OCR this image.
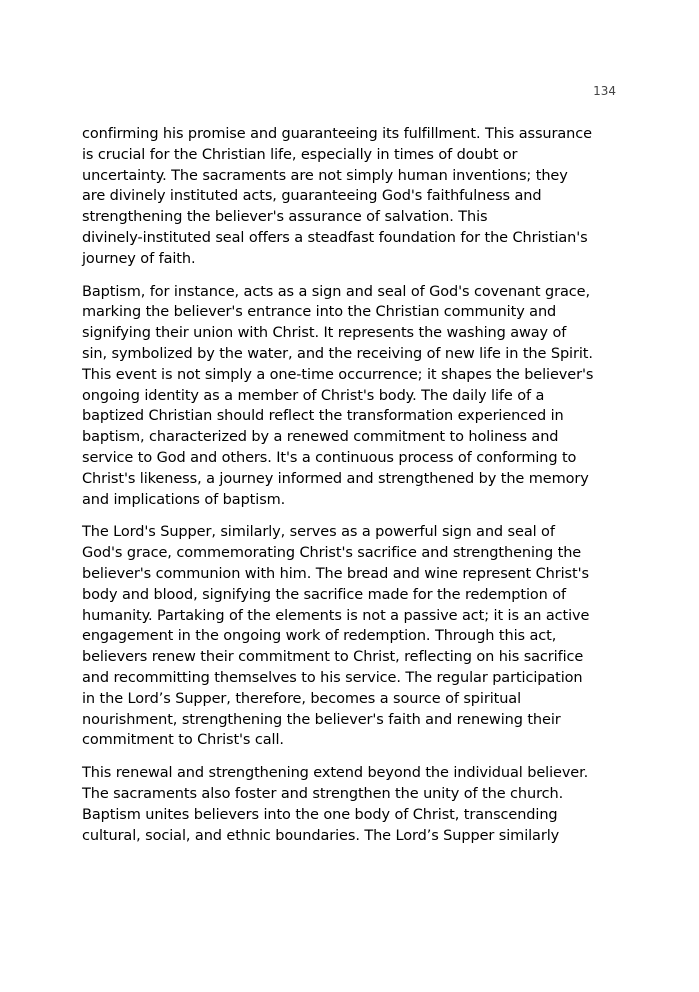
134

confirming his promise and guaranteeing its fulfillment. This assurance
is crucial for the Christian life, especially in times of doubt or
uncertainty. The sacraments are not simply human inventions; they
are divinely instituted acts, guaranteeing God's faithfulness and
strengthening the believer's assurance of salvation. This
divinely-instituted seal offers a steadfast foundation for the Christian's
journey of faith.

Baptism, for instance, acts as a sign and seal of God's covenant grace,
marking the believer's entrance into the Christian community and
signifying their union with Christ. It represents the washing away of
sin, symbolized by the water, and the receiving of new life in the Spirit.
This event is not simply a one-time occurrence; it shapes the believer's
ongoing identity as a member of Christ's body. The daily life of a
baptized Christian should reflect the transformation experienced in
baptism, characterized by a renewed commitment to holiness and
service to God and others. It's a continuous process of conforming to
Christ's likeness, a journey informed and strengthened by the memory
and implications of baptism.

The Lord's Supper, similarly, serves as a powerful sign and seal of
God's grace, commemorating Christ's sacrifice and strengthening the
believer's communion with him. The bread and wine represent Christ's
body and blood, signifying the sacrifice made for the redemption of
humanity. Partaking of the elements is not a passive act; it is an active
engagement in the ongoing work of redemption. Through this act,
believers renew their commitment to Christ, reflecting on his sacrifice
and recommitting themselves to his service. The regular participation
in the Lord’s Supper, therefore, becomes a source of spiritual
nourishment, strengthening the believer's faith and renewing their
commitment to Christ's call.

This renewal and strengthening extend beyond the individual believer.
The sacraments also foster and strengthen the unity of the church.
Baptism unites believers into the one body of Christ, transcending
cultural, social, and ethnic boundaries. The Lord’s Supper similarly
